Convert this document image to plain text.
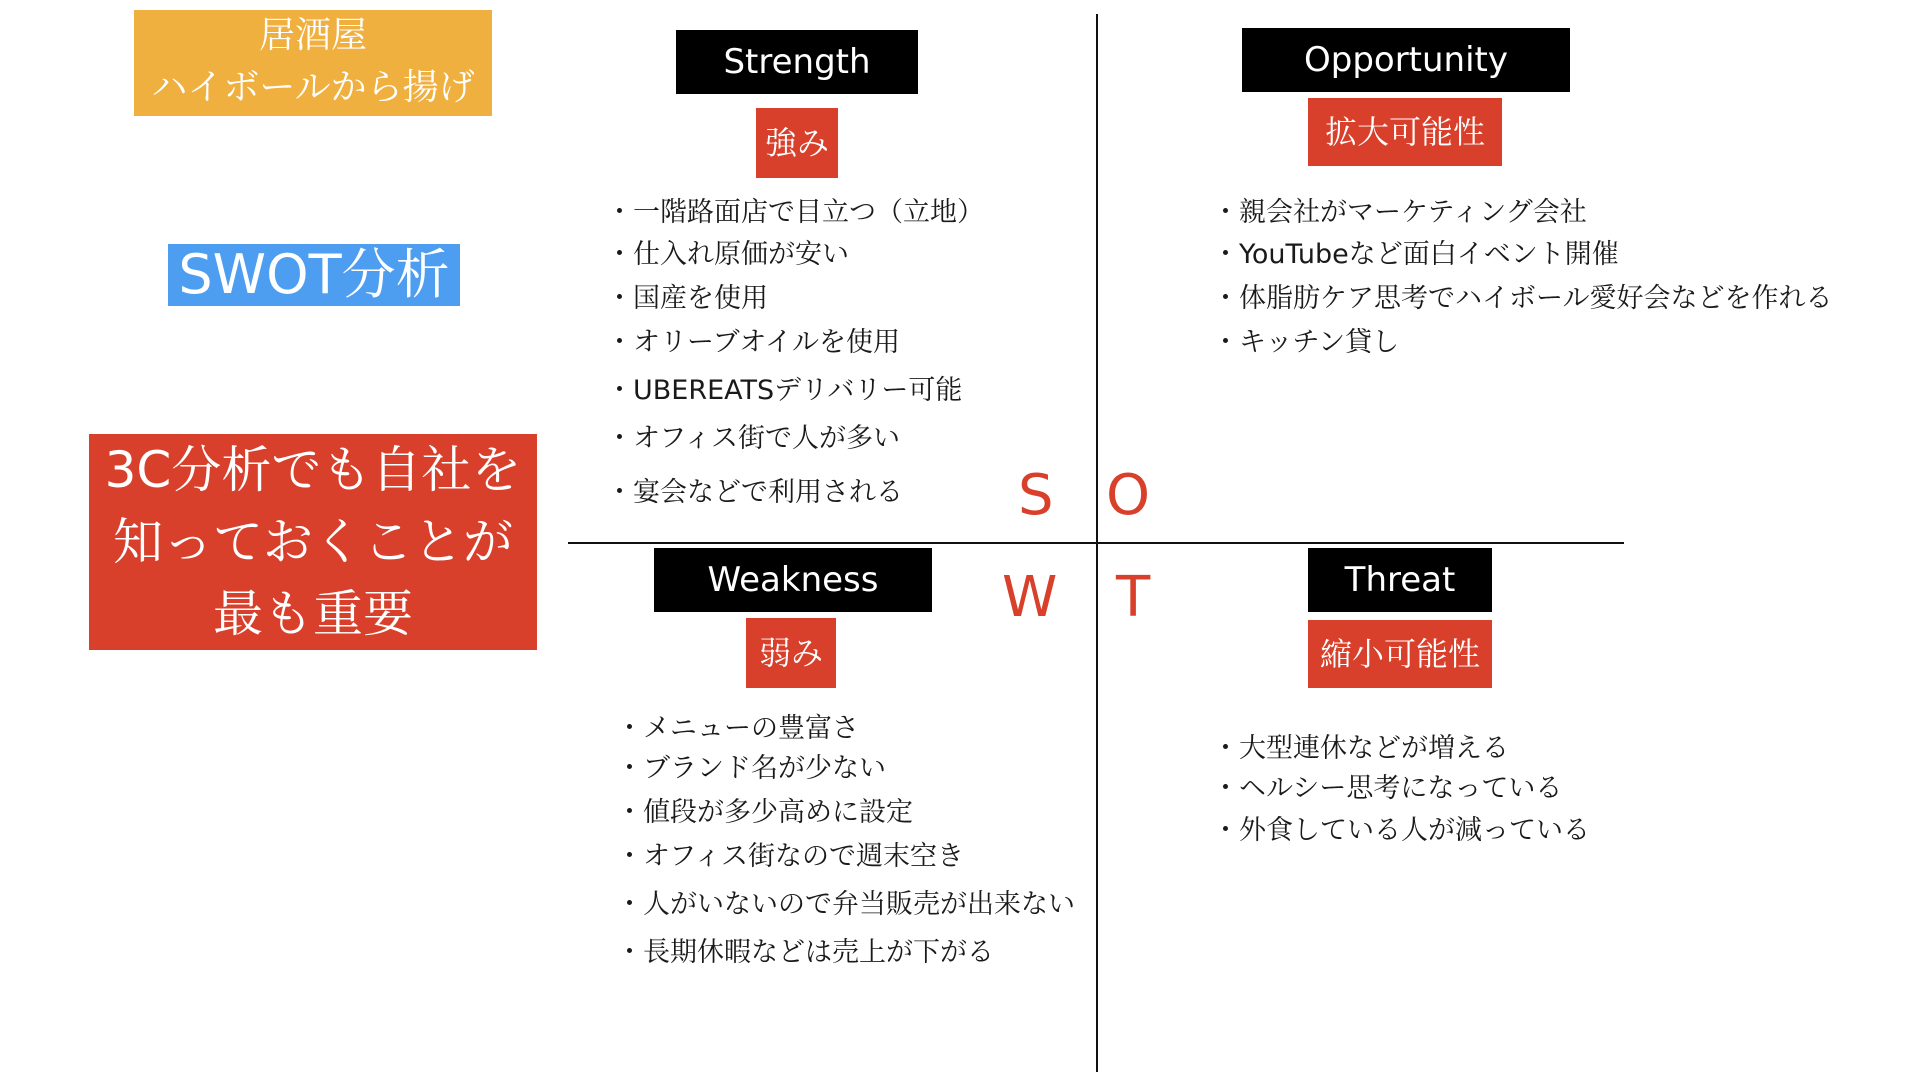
居酒屋
ハイボールから揚げ
SWOT分析
3C分析でも自社を
知っておくことが
最も重要
S O
W T
Strength
強み
・一階路面店で目立つ（立地）
・仕入れ原価が安い
・国産を使用
・オリーブオイルを使用
・UBEREATSデリバリー可能
・オフィス街で人が多い
・宴会などで利用される
Opportunity
拡大可能性
・親会社がマーケティング会社
・YouTubeなど面白イベント開催
・体脂肪ケア思考でハイボール愛好会などを作れる
・キッチン貸し
Weakness
弱み
・メニューの豊富さ
・ブランド名が少ない
・値段が多少高めに設定
・オフィス街なので週末空き
・人がいないので弁当販売が出来ない
・長期休暇などは売上が下がる
Threat
縮小可能性
・大型連休などが増える
・ヘルシー思考になっている
・外食している人が減っている
